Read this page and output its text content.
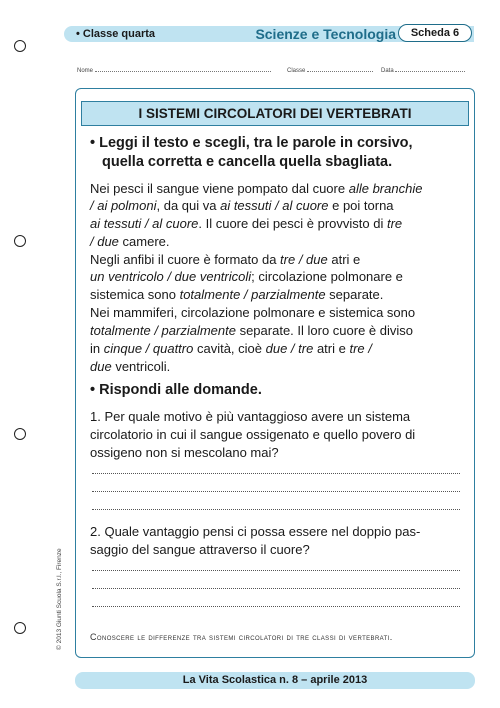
• Classe quarta	Scienze e Tecnologia	Scheda 6
Nome	Classe	Data
I SISTEMI CIRCOLATORI DEI VERTEBRATI
• Leggi il testo e scegli, tra le parole in corsivo,
quella corretta e cancella quella sbagliata.
Nei pesci il sangue viene pompato dal cuore alle branchie
/ ai polmoni, da qui va ai tessuti / al cuore e poi torna
ai tessuti / al cuore. Il cuore dei pesci è provvisto di tre
/ due camere.
Negli anfibi il cuore è formato da tre / due atri e
un ventricolo / due ventricoli; circolazione polmonare e
sistemica sono totalmente / parzialmente separate.
Nei mammiferi, circolazione polmonare e sistemica sono
totalmente / parzialmente separate. Il loro cuore è diviso
in cinque / quattro cavità, cioè due / tre atri e tre /
due ventricoli.
• Rispondi alle domande.
1. Per quale motivo è più vantaggioso avere un sistema
circolatorio in cui il sangue ossigenato e quello povero di
ossigeno non si mescolano mai?
2. Quale vantaggio pensi ci possa essere nel doppio pas-
saggio del sangue attraverso il cuore?
Conoscere le differenze tra sistemi circolatori di tre classi di vertebrati.
© 2013 Giunti Scuola S.r.l., Firenze
La Vita Scolastica n. 8 – aprile 2013
